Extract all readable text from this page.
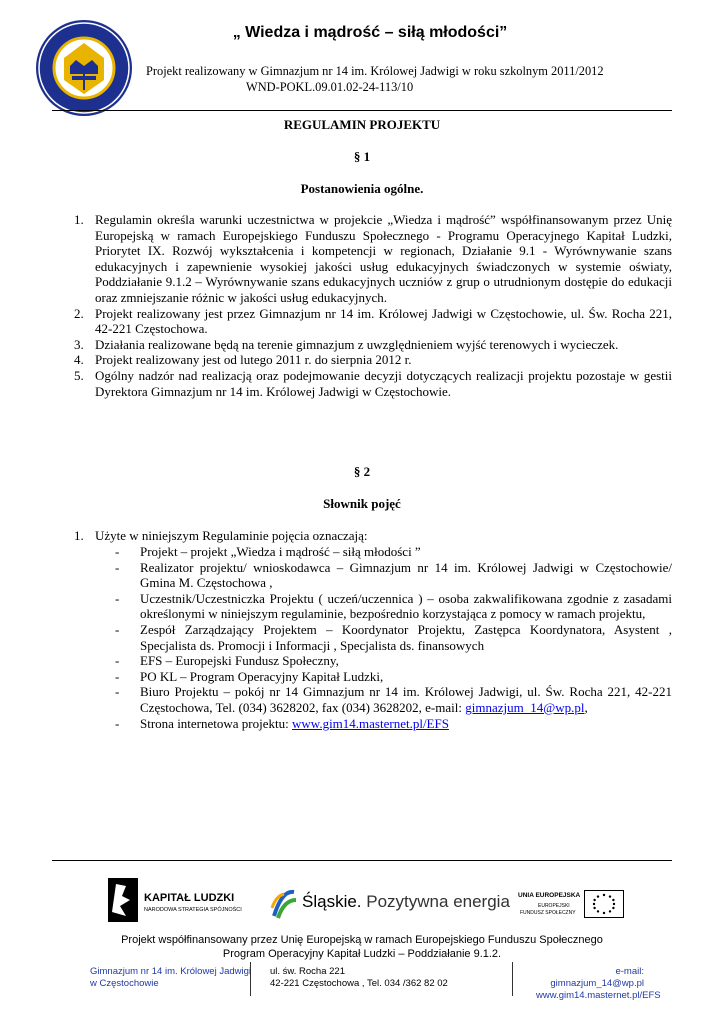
„ Wiedza i mądrość – siłą młodości”
Projekt realizowany w Gimnazjum nr 14 im. Królowej Jadwigi w roku szkolnym 2011/2012
WND-POKL.09.01.02-24-113/10
REGULAMIN PROJEKTU
§ 1
Postanowienia ogólne.
1. Regulamin określa warunki uczestnictwa w projekcie „Wiedza i mądrość” współfinansowanym przez Unię Europejską w ramach Europejskiego Funduszu Społecznego - Programu Operacyjnego Kapitał Ludzki, Priorytet IX. Rozwój wykształcenia i kompetencji w regionach, Działanie 9.1 - Wyrównywanie szans edukacyjnych i zapewnienie wysokiej jakości usług edukacyjnych świadczonych w systemie oświaty, Poddziałanie 9.1.2 – Wyrównywanie szans edukacyjnych uczniów z grup o utrudnionym dostępie do edukacji oraz zmniejszanie różnic w jakości usług edukacyjnych.
2. Projekt realizowany jest przez Gimnazjum nr 14 im. Królowej Jadwigi w Częstochowie, ul. Św. Rocha 221, 42-221 Częstochowa.
3. Działania realizowane będą na terenie gimnazjum z uwzględnieniem wyjść terenowych i wycieczek.
4. Projekt realizowany jest od lutego 2011 r. do sierpnia 2012 r.
5. Ogólny nadzór nad realizacją oraz podejmowanie decyzji dotyczących realizacji projektu pozostaje w gestii Dyrektora Gimnazjum nr 14 im. Królowej Jadwigi w Częstochowie.
§ 2
Słownik pojęć
1. Użyte w niniejszym Regulaminie pojęcia oznaczają:
-	Projekt – projekt „Wiedza i mądrość – siłą młodości ”
-	Realizator projektu/ wnioskodawca – Gimnazjum nr 14 im. Królowej Jadwigi w Częstochowie/ Gmina M. Częstochowa ,
-	Uczestnik/Uczestniczka Projektu ( uczeń/uczennica ) – osoba zakwalifikowana zgodnie z zasadami określonymi w niniejszym regulaminie, bezpośrednio korzystająca z pomocy w ramach projektu,
-	Zespół Zarządzający Projektem – Koordynator Projektu, Zastępca Koordynatora, Asystent , Specjalista ds. Promocji i Informacji , Specjalista ds. finansowych
-	EFS – Europejski Fundusz Społeczny,
-	PO KL – Program Operacyjny Kapitał Ludzki,
-	Biuro Projektu – pokój nr 14 Gimnazjum nr 14 im. Królowej Jadwigi, ul. Św. Rocha 221, 42-221 Częstochowa, Tel. (034) 3628202, fax (034) 3628202, e-mail: gimnazjum_14@wp.pl,
-	Strona internetowa projektu: www.gim14.masternet.pl/EFS
KAPITAŁ LUDZKI
NARODOWA STRATEGIA SPÓJNOŚCI	Śląskie. Pozytywna energia UNIA EUROPEJSKA
EUROPEJSKI
FUNDUSZ SPOŁECZNY
Projekt współfinansowany przez Unię Europejską w ramach Europejskiego Funduszu Społecznego
Program Operacyjny Kapitał Ludzki – Poddziałanie 9.1.2.
Gimnazjum nr 14 im. Królowej Jadwigi
w Częstochowie
ul. św. Rocha 221
42-221 Częstochowa , Tel. 034 /362 82 02
e-mail: gimnazjum_14@wp.pl
www.gim14.masternet.pl/EFS
